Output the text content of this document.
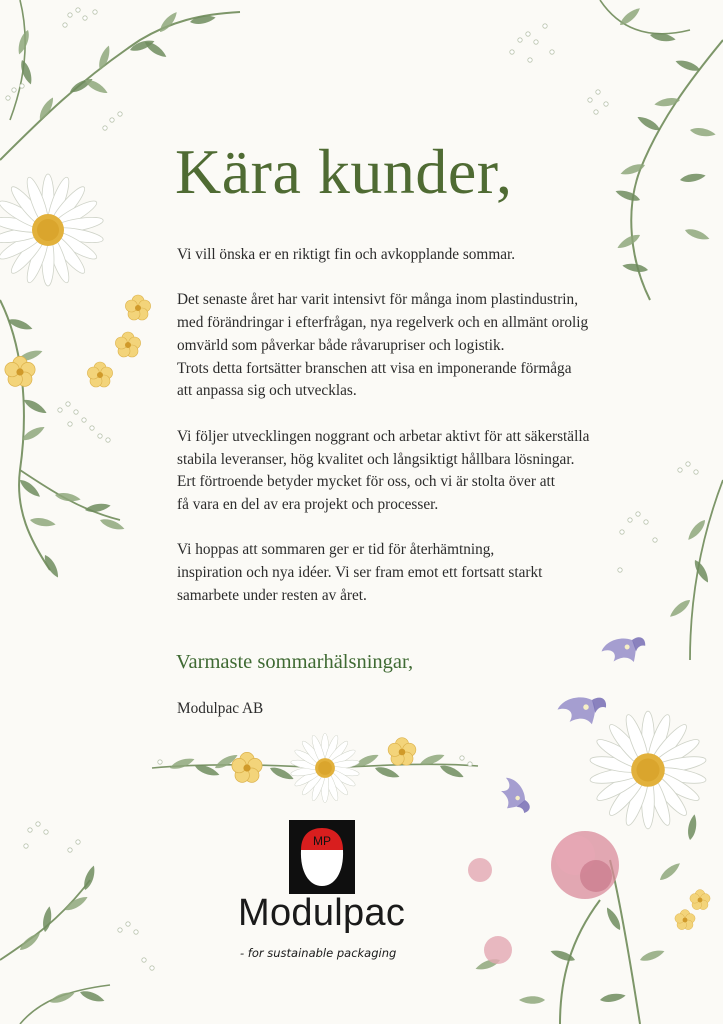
Kära kunder,

Vi vill önska er en riktigt fin och avkopplande sommar.

Det senaste året har varit intensivt för många inom plastindustrin,
med förändringar i efterfrågan, nya regelverk och en allmänt orolig
omvärld som påverkar både råvarupriser och logistik.
Trots detta fortsätter branschen att visa en imponerande förmåga
att anpassa sig och utvecklas.

Vi följer utvecklingen noggrant och arbetar aktivt för att säkerställa
stabila leveranser, hög kvalitet och långsiktigt hållbara lösningar.
Ert förtroende betyder mycket för oss, och vi är stolta över att
få vara en del av era projekt och processer.

Vi hoppas att sommaren ger er tid för återhämtning,
inspiration och nya idéer. Vi ser fram emot ett fortsatt starkt
samarbete under resten av året.

Varmaste sommarhälsningar,
Modulpac AB
MP
Modulpac
- for sustainable packaging
